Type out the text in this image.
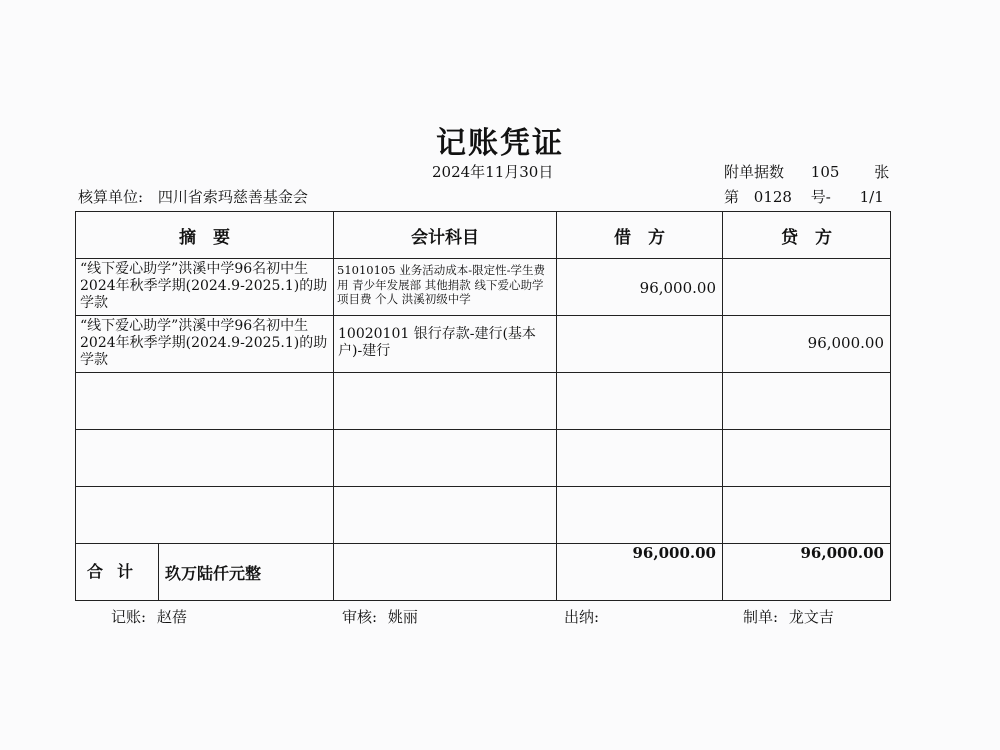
记账凭证
2024年11月30日	附单据数 105 张
核算单位: 四川省索玛慈善基金会	第 0128 号- 1/1
摘　要	会计科目	借　方	贷　方

“线下爱心助学”洪溪中学96名初中生2024年秋季学期(2024.9-2025.1)的助学款	51010105 业务活动成本-限定性-学生费用 青少年发展部 其他捐款 线下爱心助学 项目费 个人 洪溪初级中学	96,000.00	

“线下爱心助学”洪溪中学96名初中生2024年秋季学期(2024.9-2025.1)的助学款	10020101 银行存款-建行(基本户)-建行		96,000.00

合计 玖万陆仟元整		96,000.00	96,000.00
记账: 赵蓓	审核: 姚丽	出纳:	制单: 龙文吉
